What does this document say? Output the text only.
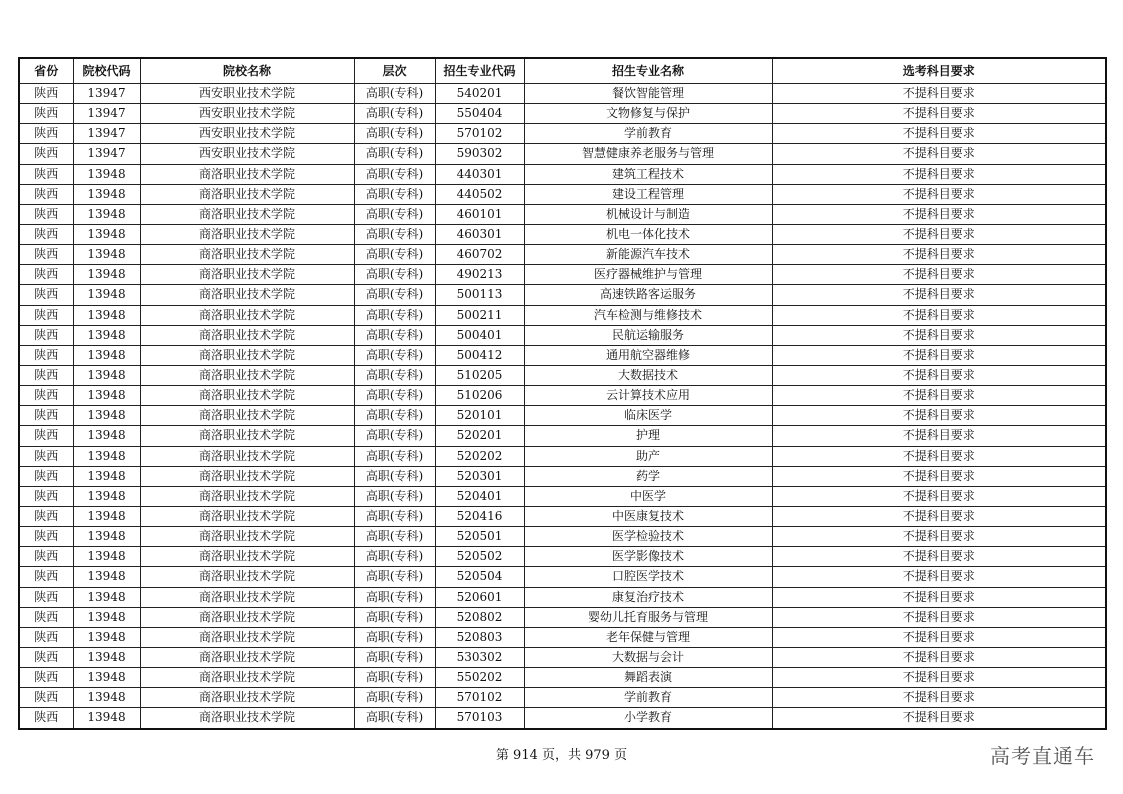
省份	院校代码	院校名称	层次	招生专业代码	招生专业名称	选考科目要求
陕西	13947	西安职业技术学院	高职(专科)	540201	餐饮智能管理	不提科目要求
陕西	13947	西安职业技术学院	高职(专科)	550404	文物修复与保护	不提科目要求
陕西	13947	西安职业技术学院	高职(专科)	570102	学前教育	不提科目要求
陕西	13947	西安职业技术学院	高职(专科)	590302	智慧健康养老服务与管理	不提科目要求
陕西	13948	商洛职业技术学院	高职(专科)	440301	建筑工程技术	不提科目要求
陕西	13948	商洛职业技术学院	高职(专科)	440502	建设工程管理	不提科目要求
陕西	13948	商洛职业技术学院	高职(专科)	460101	机械设计与制造	不提科目要求
陕西	13948	商洛职业技术学院	高职(专科)	460301	机电一体化技术	不提科目要求
陕西	13948	商洛职业技术学院	高职(专科)	460702	新能源汽车技术	不提科目要求
陕西	13948	商洛职业技术学院	高职(专科)	490213	医疗器械维护与管理	不提科目要求
陕西	13948	商洛职业技术学院	高职(专科)	500113	高速铁路客运服务	不提科目要求
陕西	13948	商洛职业技术学院	高职(专科)	500211	汽车检测与维修技术	不提科目要求
陕西	13948	商洛职业技术学院	高职(专科)	500401	民航运输服务	不提科目要求
陕西	13948	商洛职业技术学院	高职(专科)	500412	通用航空器维修	不提科目要求
陕西	13948	商洛职业技术学院	高职(专科)	510205	大数据技术	不提科目要求
陕西	13948	商洛职业技术学院	高职(专科)	510206	云计算技术应用	不提科目要求
陕西	13948	商洛职业技术学院	高职(专科)	520101	临床医学	不提科目要求
陕西	13948	商洛职业技术学院	高职(专科)	520201	护理	不提科目要求
陕西	13948	商洛职业技术学院	高职(专科)	520202	助产	不提科目要求
陕西	13948	商洛职业技术学院	高职(专科)	520301	药学	不提科目要求
陕西	13948	商洛职业技术学院	高职(专科)	520401	中医学	不提科目要求
陕西	13948	商洛职业技术学院	高职(专科)	520416	中医康复技术	不提科目要求
陕西	13948	商洛职业技术学院	高职(专科)	520501	医学检验技术	不提科目要求
陕西	13948	商洛职业技术学院	高职(专科)	520502	医学影像技术	不提科目要求
陕西	13948	商洛职业技术学院	高职(专科)	520504	口腔医学技术	不提科目要求
陕西	13948	商洛职业技术学院	高职(专科)	520601	康复治疗技术	不提科目要求
陕西	13948	商洛职业技术学院	高职(专科)	520802	婴幼儿托育服务与管理	不提科目要求
陕西	13948	商洛职业技术学院	高职(专科)	520803	老年保健与管理	不提科目要求
陕西	13948	商洛职业技术学院	高职(专科)	530302	大数据与会计	不提科目要求
陕西	13948	商洛职业技术学院	高职(专科)	550202	舞蹈表演	不提科目要求
陕西	13948	商洛职业技术学院	高职(专科)	570102	学前教育	不提科目要求
陕西	13948	商洛职业技术学院	高职(专科)	570103	小学教育	不提科目要求
第 914 页，共 979 页	高考直通车
